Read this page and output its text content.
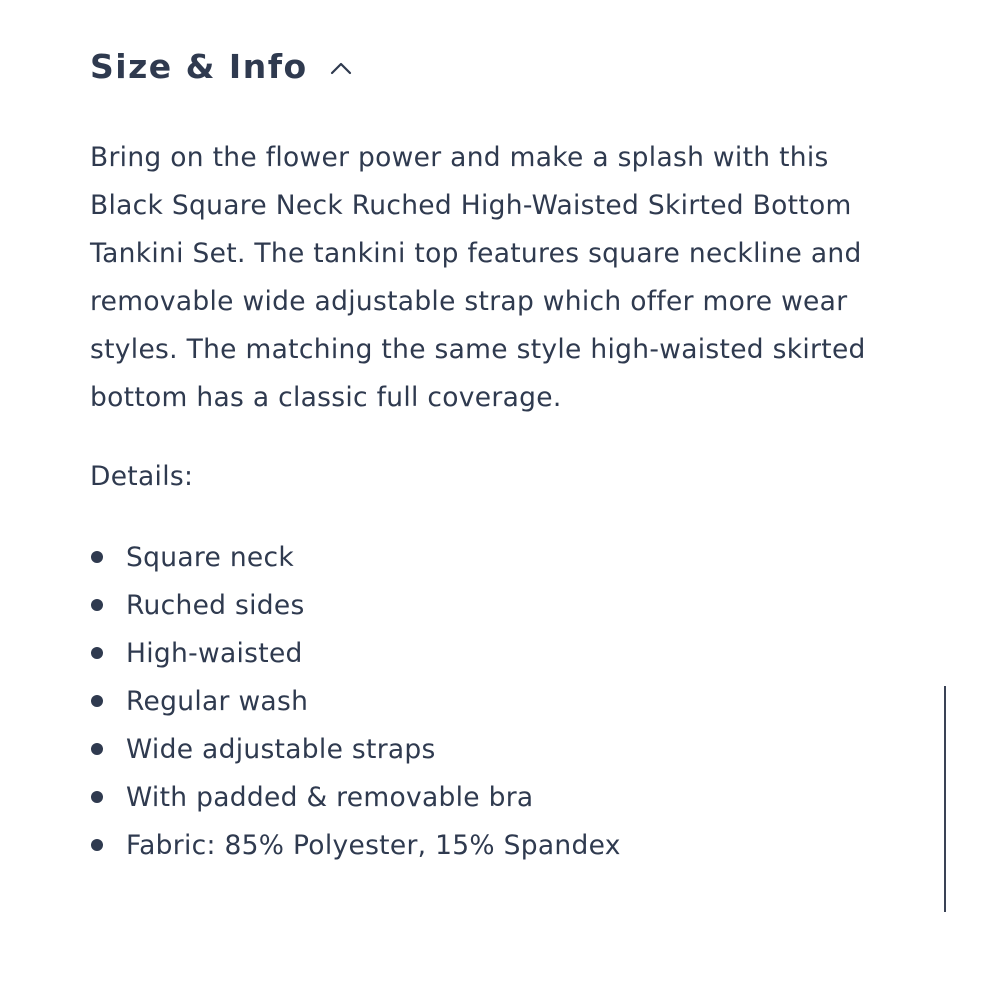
Size & Info
Bring on the flower power and make a splash with this
Black Square Neck Ruched High-Waisted Skirted Bottom
Tankini Set. The tankini top features square neckline and
removable wide adjustable strap which offer more wear
styles. The matching the same style high-waisted skirted
bottom has a classic full coverage.
Details:
Square neck
Ruched sides
High-waisted
Regular wash
Wide adjustable straps
With padded & removable bra
Fabric: 85% Polyester, 15% Spandex
